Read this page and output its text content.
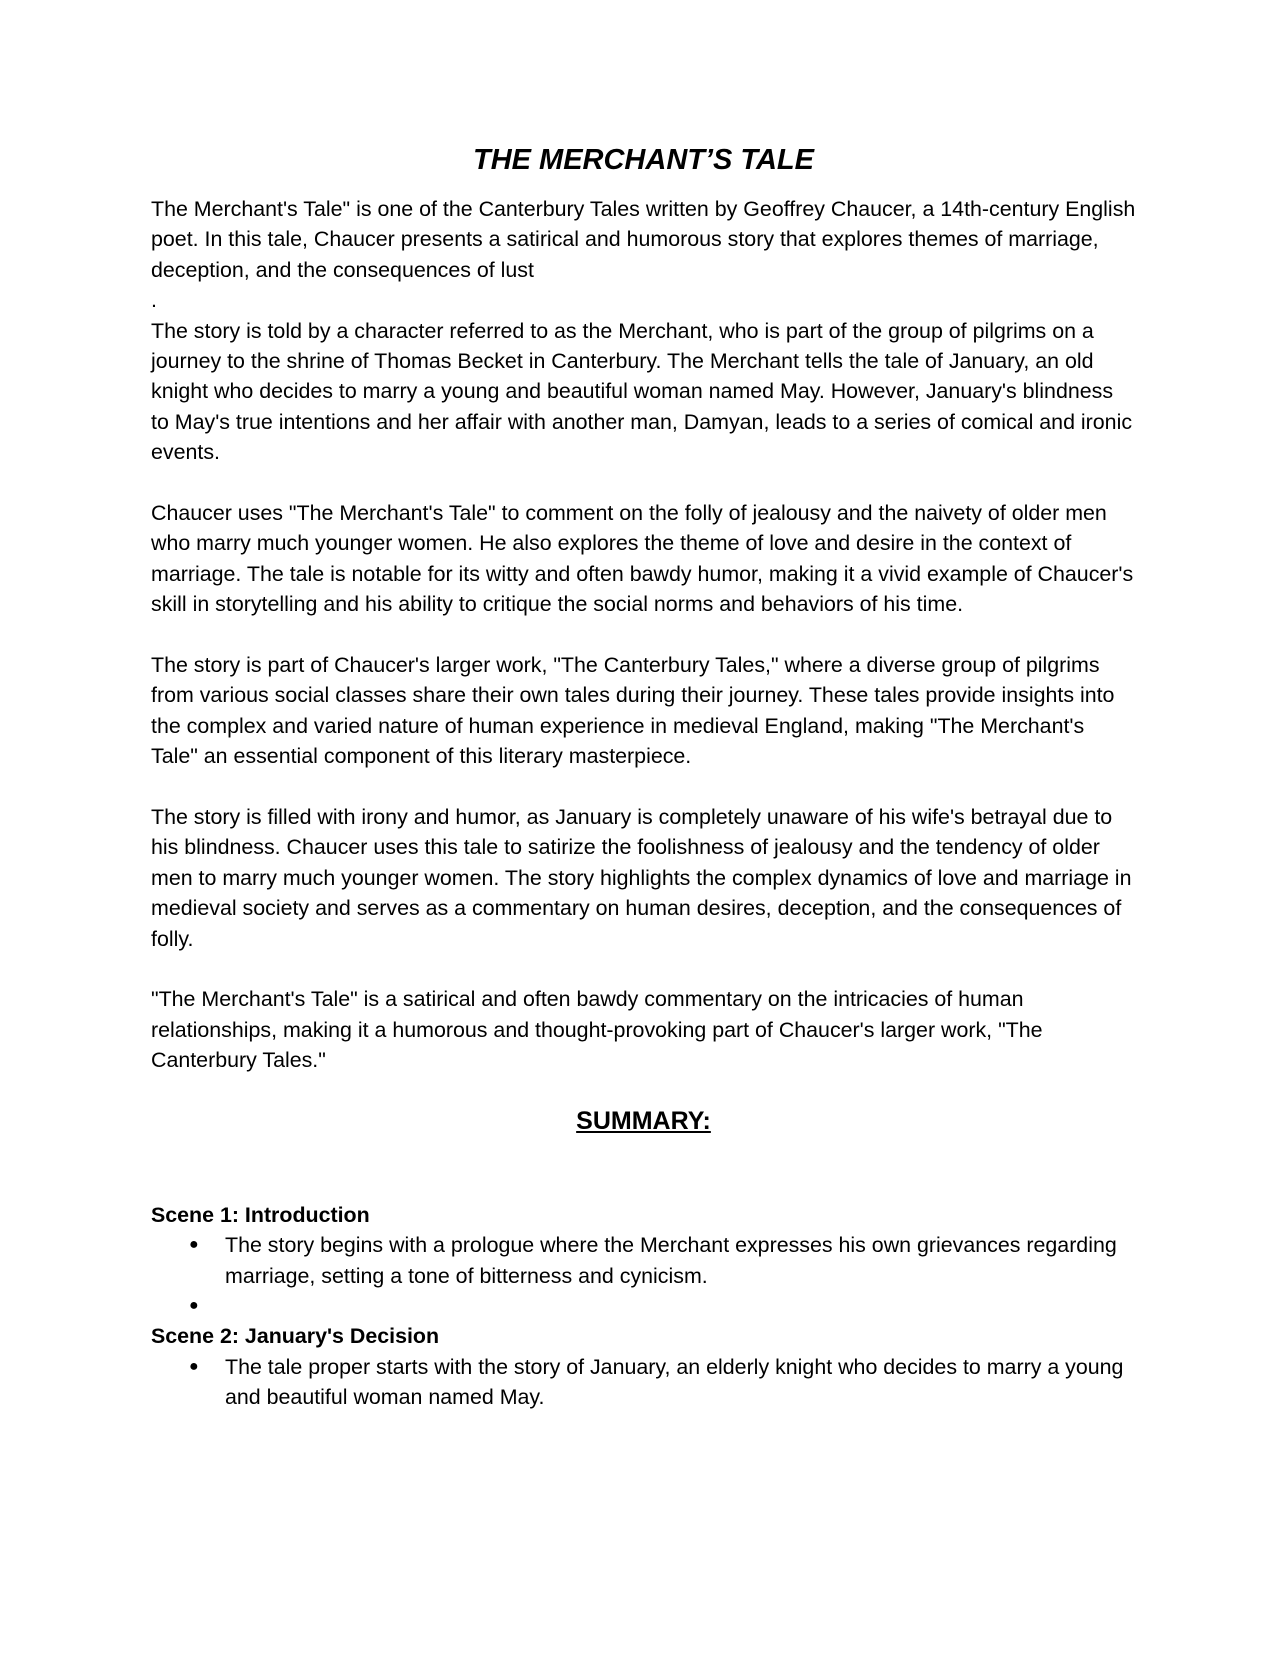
THE MERCHANT’S TALE

The Merchant's Tale" is one of the Canterbury Tales written by Geoffrey Chaucer, a 14th-century English poet. In this tale, Chaucer presents a satirical and humorous story that explores themes of marriage, deception, and the consequences of lust

.

The story is told by a character referred to as the Merchant, who is part of the group of pilgrims on a journey to the shrine of Thomas Becket in Canterbury. The Merchant tells the tale of January, an old knight who decides to marry a young and beautiful woman named May. However, January's blindness to May's true intentions and her affair with another man, Damyan, leads to a series of comical and ironic events.

Chaucer uses "The Merchant's Tale" to comment on the folly of jealousy and the naivety of older men who marry much younger women. He also explores the theme of love and desire in the context of marriage. The tale is notable for its witty and often bawdy humor, making it a vivid example of Chaucer's skill in storytelling and his ability to critique the social norms and behaviors of his time.

The story is part of Chaucer's larger work, "The Canterbury Tales," where a diverse group of pilgrims from various social classes share their own tales during their journey. These tales provide insights into the complex and varied nature of human experience in medieval England, making "The Merchant's Tale" an essential component of this literary masterpiece.

The story is filled with irony and humor, as January is completely unaware of his wife's betrayal due to his blindness. Chaucer uses this tale to satirize the foolishness of jealousy and the tendency of older men to marry much younger women. The story highlights the complex dynamics of love and marriage in medieval society and serves as a commentary on human desires, deception, and the consequences of folly.

"The Merchant's Tale" is a satirical and often bawdy commentary on the intricacies of human relationships, making it a humorous and thought-provoking part of Chaucer's larger work, "The Canterbury Tales."

SUMMARY:
Scene 1: Introduction
● The story begins with a prologue where the Merchant expresses his own grievances regarding marriage, setting a tone of bitterness and cynicism.
●
Scene 2: January's Decision
● The tale proper starts with the story of January, an elderly knight who decides to marry a young and beautiful woman named May.
